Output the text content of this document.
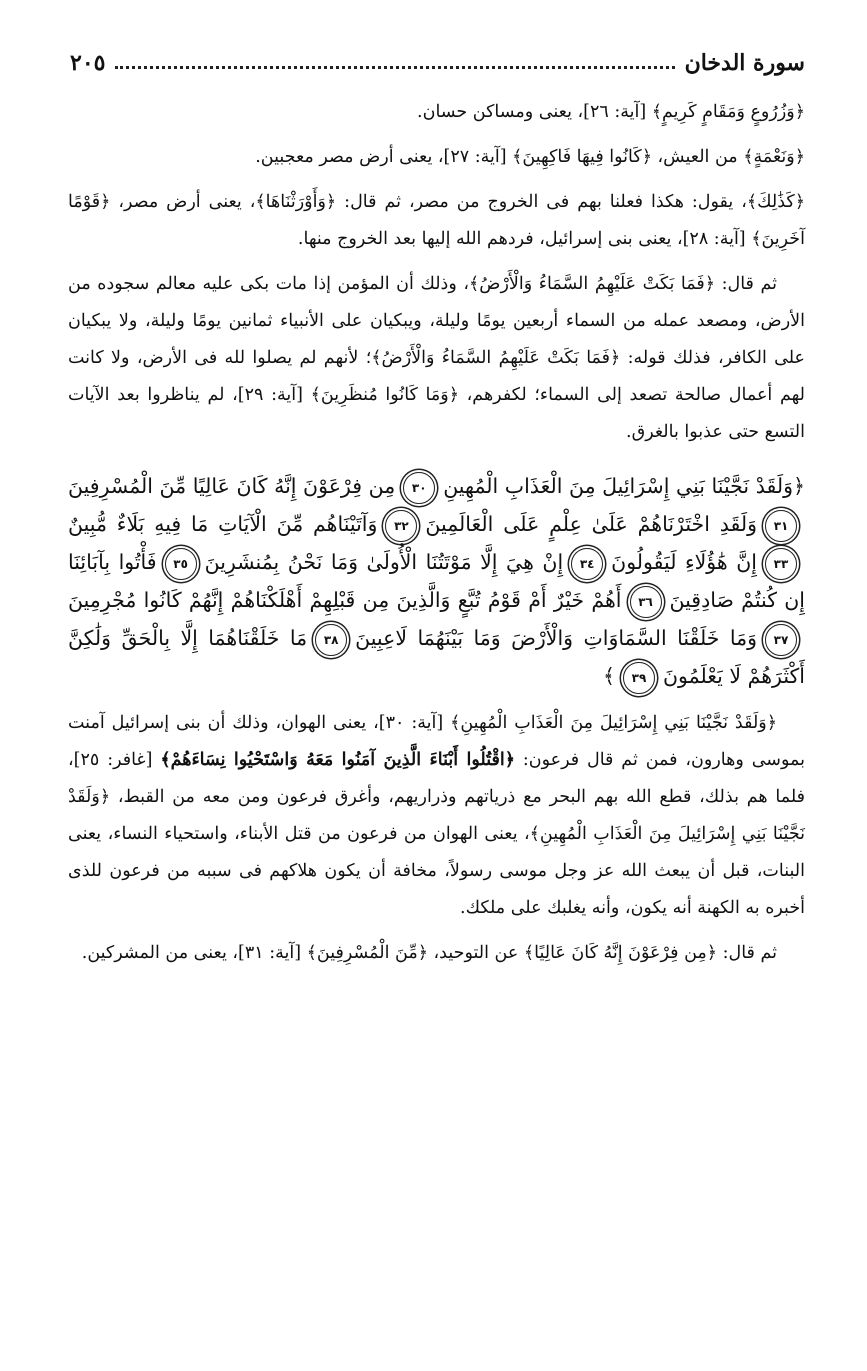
سورة الدخان
٢٠٥

﴿وَزُرُوعٍ وَمَقَامٍ كَرِيمٍ﴾ [آية: ٢٦]، يعنى ومساكن حسان.

﴿وَنَعْمَةٍ﴾ من العيش، ﴿كَانُوا فِيهَا فَاكِهِينَ﴾ [آية: ٢٧]، يعنى أرض مصر معجبين.

﴿كَذَٰلِكَ﴾، يقول: هكذا فعلنا بهم فى الخروج من مصر، ثم قال: ﴿وَأَوْرَثْنَاهَا﴾، يعنى أرض مصر، ﴿قَوْمًا آخَرِينَ﴾ [آية: ٢٨]، يعنى بنى إسرائيل، فردهم الله إليها بعد الخروج منها.

ثم قال: ﴿فَمَا بَكَتْ عَلَيْهِمُ السَّمَاءُ وَالْأَرْضُ﴾، وذلك أن المؤمن إذا مات بكى عليه معالم سجوده من الأرض، ومصعد عمله من السماء أربعين يومًا وليلة، ويبكيان على الأنبياء ثمانين يومًا وليلة، ولا يبكيان على الكافر، فذلك قوله: ﴿فَمَا بَكَتْ عَلَيْهِمُ السَّمَاءُ وَالْأَرْضُ﴾؛ لأنهم لم يصلوا لله فى الأرض، ولا كانت لهم أعمال صالحة تصعد إلى السماء؛ لكفرهم، ﴿وَمَا كَانُوا مُنظَرِينَ﴾ [آية: ٢٩]، لم يناظروا بعد الآيات التسع حتى عذبوا بالغرق.

﴿وَلَقَدْ نَجَّيْنَا بَنِي إِسْرَائِيلَ مِنَ الْعَذَابِ الْمُهِينِ٣٠مِن فِرْعَوْنَ إِنَّهُ كَانَ عَالِيًا مِّنَ الْمُسْرِفِينَ٣١وَلَقَدِ اخْتَرْنَاهُمْ عَلَىٰ عِلْمٍ عَلَى الْعَالَمِينَ٣٢وَآتَيْنَاهُم مِّنَ الْآيَاتِ مَا فِيهِ بَلَاءٌ مُّبِينٌ٣٣إِنَّ هَٰؤُلَاءِ لَيَقُولُونَ٣٤إِنْ هِيَ إِلَّا مَوْتَتُنَا الْأُولَىٰ وَمَا نَحْنُ بِمُنشَرِينَ٣٥فَأْتُوا بِآبَائِنَا إِن كُنتُمْ صَادِقِينَ٣٦أَهُمْ خَيْرٌ أَمْ قَوْمُ تُبَّعٍ وَالَّذِينَ مِن قَبْلِهِمْ أَهْلَكْنَاهُمْ إِنَّهُمْ كَانُوا مُجْرِمِينَ٣٧وَمَا خَلَقْنَا السَّمَاوَاتِ وَالْأَرْضَ وَمَا بَيْنَهُمَا لَاعِبِينَ٣٨مَا خَلَقْنَاهُمَا إِلَّا بِالْحَقِّ وَلَٰكِنَّ أَكْثَرَهُمْ لَا يَعْلَمُونَ٣٩﴾

﴿وَلَقَدْ نَجَّيْنَا بَنِي إِسْرَائِيلَ مِنَ الْعَذَابِ الْمُهِينِ﴾ [آية: ٣٠]، يعنى الهوان، وذلك أن بنى إسرائيل آمنت بموسى وهارون، فمن ثم قال فرعون: ﴿اقْتُلُوا أَبْنَاءَ الَّذِينَ آمَنُوا مَعَهُ وَاسْتَحْيُوا نِسَاءَهُمْ﴾ [غافر: ٢٥]، فلما هم بذلك، قطع الله بهم البحر مع ذرياتهم وذراريهم، وأغرق فرعون ومن معه من القبط، ﴿وَلَقَدْ نَجَّيْنَا بَنِي إِسْرَائِيلَ مِنَ الْعَذَابِ الْمُهِينِ﴾، يعنى الهوان من فرعون من قتل الأبناء، واستحياء النساء، يعنى البنات، قبل أن يبعث الله عز وجل موسى رسولاً، مخافة أن يكون هلاكهم فى سببه من فرعون للذى أخبره به الكهنة أنه يكون، وأنه يغلبك على ملكك.

ثم قال: ﴿مِن فِرْعَوْنَ إِنَّهُ كَانَ عَالِيًا﴾ عن التوحيد، ﴿مِّنَ الْمُسْرِفِينَ﴾ [آية: ٣١]، يعنى من المشركين.
